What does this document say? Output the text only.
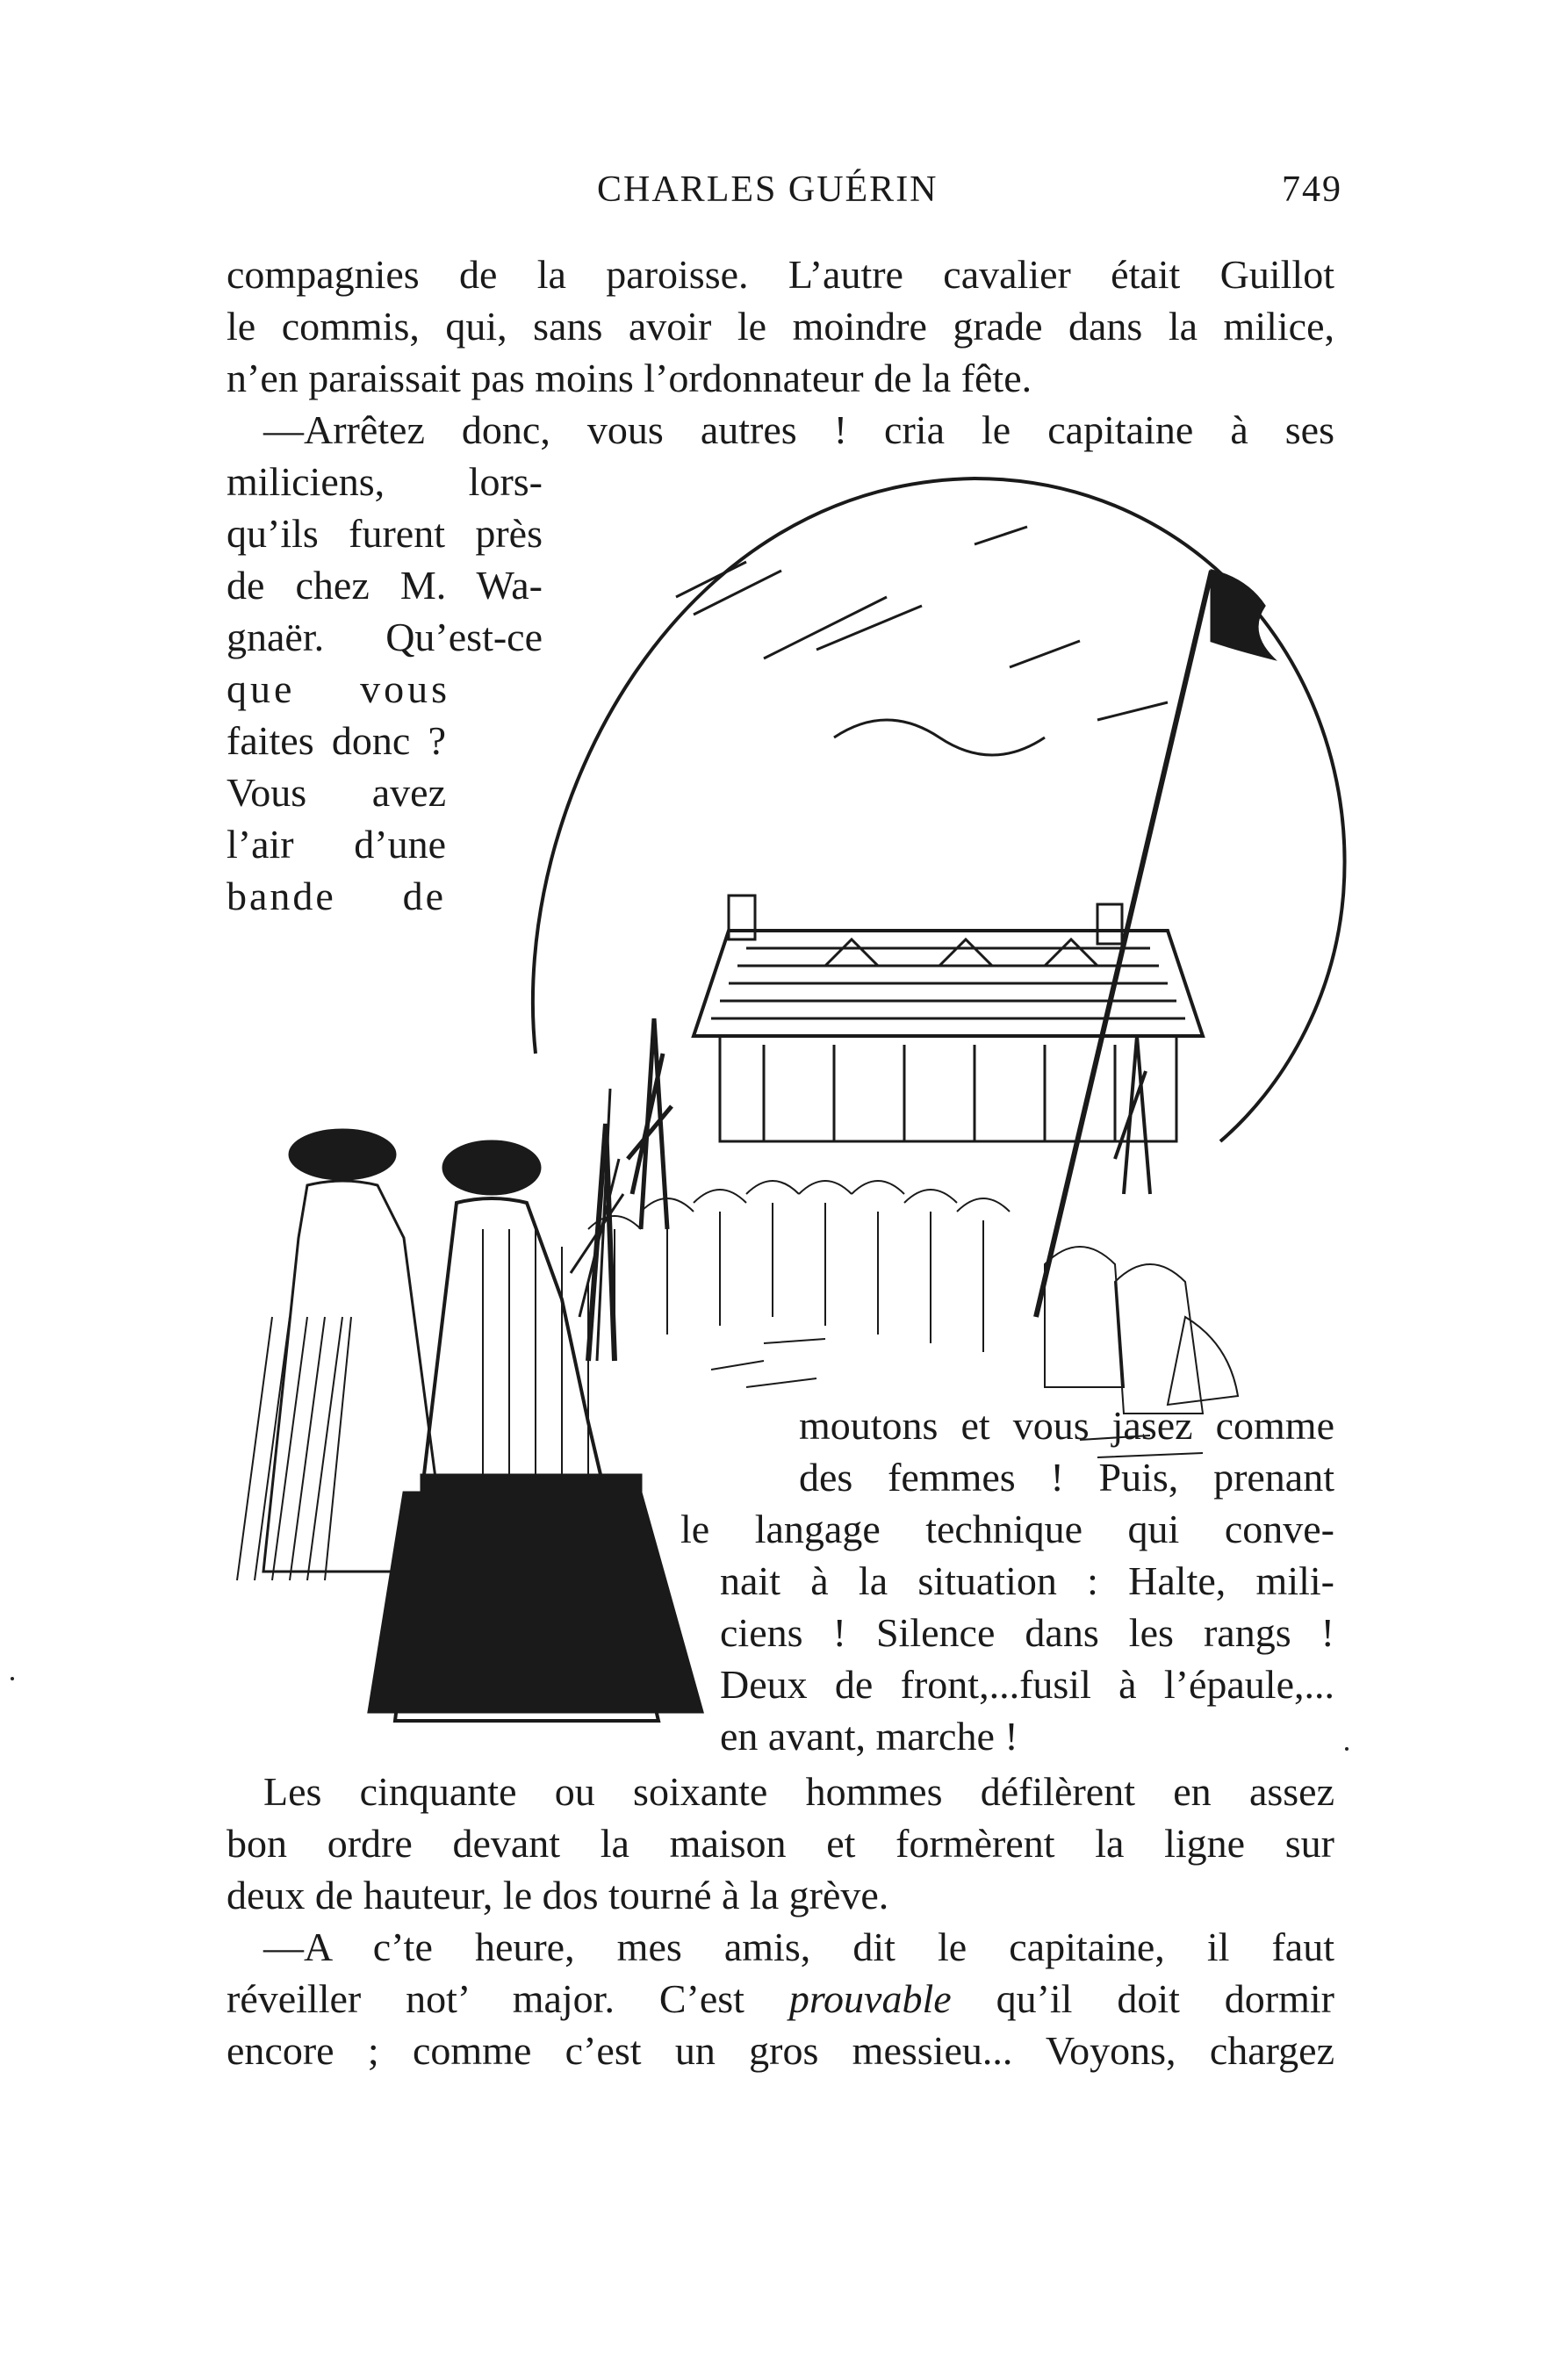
CHARLES GUÉRIN	749
compagnies de la paroisse. L’autre cavalier était Guillot
le commis, qui, sans avoir le moindre grade dans la milice,
n’en paraissait pas moins l’ordonnateur de la fête.
—Arrêtez donc, vous autres ! cria le capitaine à ses
miliciens, lors-
qu’ils furent près
de chez M. Wa-
gnaër. Qu’est-ce
que vous
faites donc ?
Vous avez
l’air d’une
bande de
moutons et vous jasez comme
des femmes ! Puis, prenant
le langage technique qui conve-
nait à la situation : Halte, mili-
ciens ! Silence dans les rangs !
Deux de front,...fusil à l’épaule,...
en avant, marche !
Les cinquante ou soixante hommes défilèrent en assez
bon ordre devant la maison et formèrent la ligne sur
deux de hauteur, le dos tourné à la grève.
—A c’te heure, mes amis, dit le capitaine, il faut
réveiller not’ major. C’est prouvable qu’il doit dormir
encore ; comme c’est un gros messieu... Voyons, chargez
